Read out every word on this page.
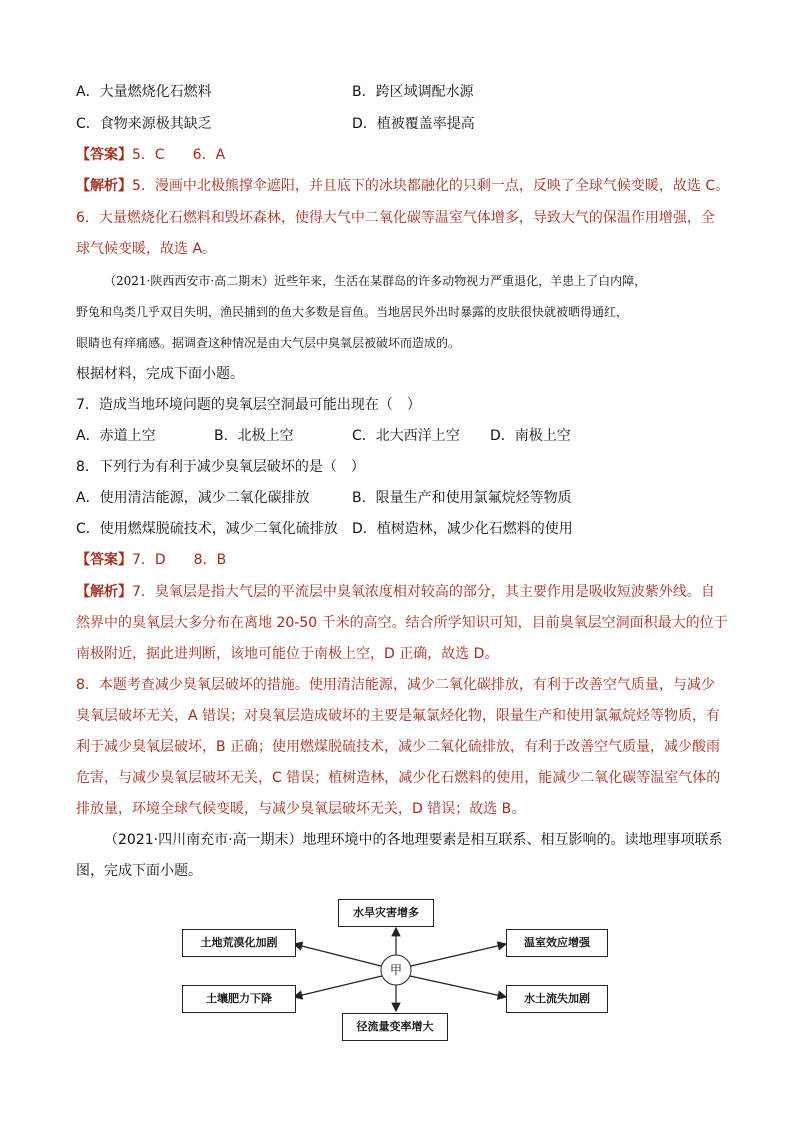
A．大量燃烧化石燃料	B．跨区域调配水源
C．食物来源极其缺乏	D．植被覆盖率提高
【答案】5．C　　6．A
【解析】5．漫画中北极熊撑伞遮阳，并且底下的冰块都融化的只剩一点，反映了全球气候变暖，故选 C。
6．大量燃烧化石燃料和毁坏森林，使得大气中二氧化碳等温室气体增多，导致大气的保温作用增强，全
球气候变暖，故选 A。
（2021·陕西西安市·高二期末）近些年来，生活在某群岛的许多动物视力严重退化，羊患上了白内障，
野兔和鸟类几乎双目失明，渔民捕到的鱼大多数是盲鱼。当地居民外出时暴露的皮肤很快就被晒得通红，
眼睛也有痒痛感。据调查这种情况是由大气层中臭氧层被破坏而造成的。
根据材料，完成下面小题。
7．造成当地环境问题的臭氧层空洞最可能出现在（　）
A．赤道上空	B．北极上空	C．北大西洋上空 D．南极上空
8．下列行为有利于减少臭氧层破坏的是（　）
A．使用清洁能源，减少二氧化碳排放	B．限量生产和使用氯氟烷烃等物质
C．使用燃煤脱硫技术，减少二氧化硫排放 D．植树造林，减少化石燃料的使用
【答案】7．D　　8．B
【解析】7．臭氧层是指大气层的平流层中臭氧浓度相对较高的部分，其主要作用是吸收短波紫外线。自
然界中的臭氧层大多分布在离地 20-50 千米的高空。结合所学知识可知，目前臭氧层空洞面积最大的位于
南极附近，据此进判断，该地可能位于南极上空，D 正确，故选 D。
8．本题考查减少臭氧层破坏的措施。使用清洁能源，减少二氧化碳排放，有利于改善空气质量，与减少
臭氧层破坏无关，A 错误；对臭氧层造成破坏的主要是氟氯烃化物，限量生产和使用氯氟烷烃等物质，有
利于减少臭氧层破坏，B 正确；使用燃煤脱硫技术，减少二氧化硫排放，有利于改善空气质量，减少酸雨
危害，与减少臭氧层破坏无关，C 错误；植树造林，减少化石燃料的使用，能减少二氧化碳等温室气体的
排放量，环境全球气候变暖，与减少臭氧层破坏无关，D 错误；故选 B。
（2021·四川南充市·高一期末）地理环境中的各地理要素是相互联系、相互影响的。读地理事项联系
图，完成下面小题。
甲
水旱灾害增多
土地荒漠化加剧	温室效应增强
土壤肥力下降	水土流失加剧
径流量变率增大
